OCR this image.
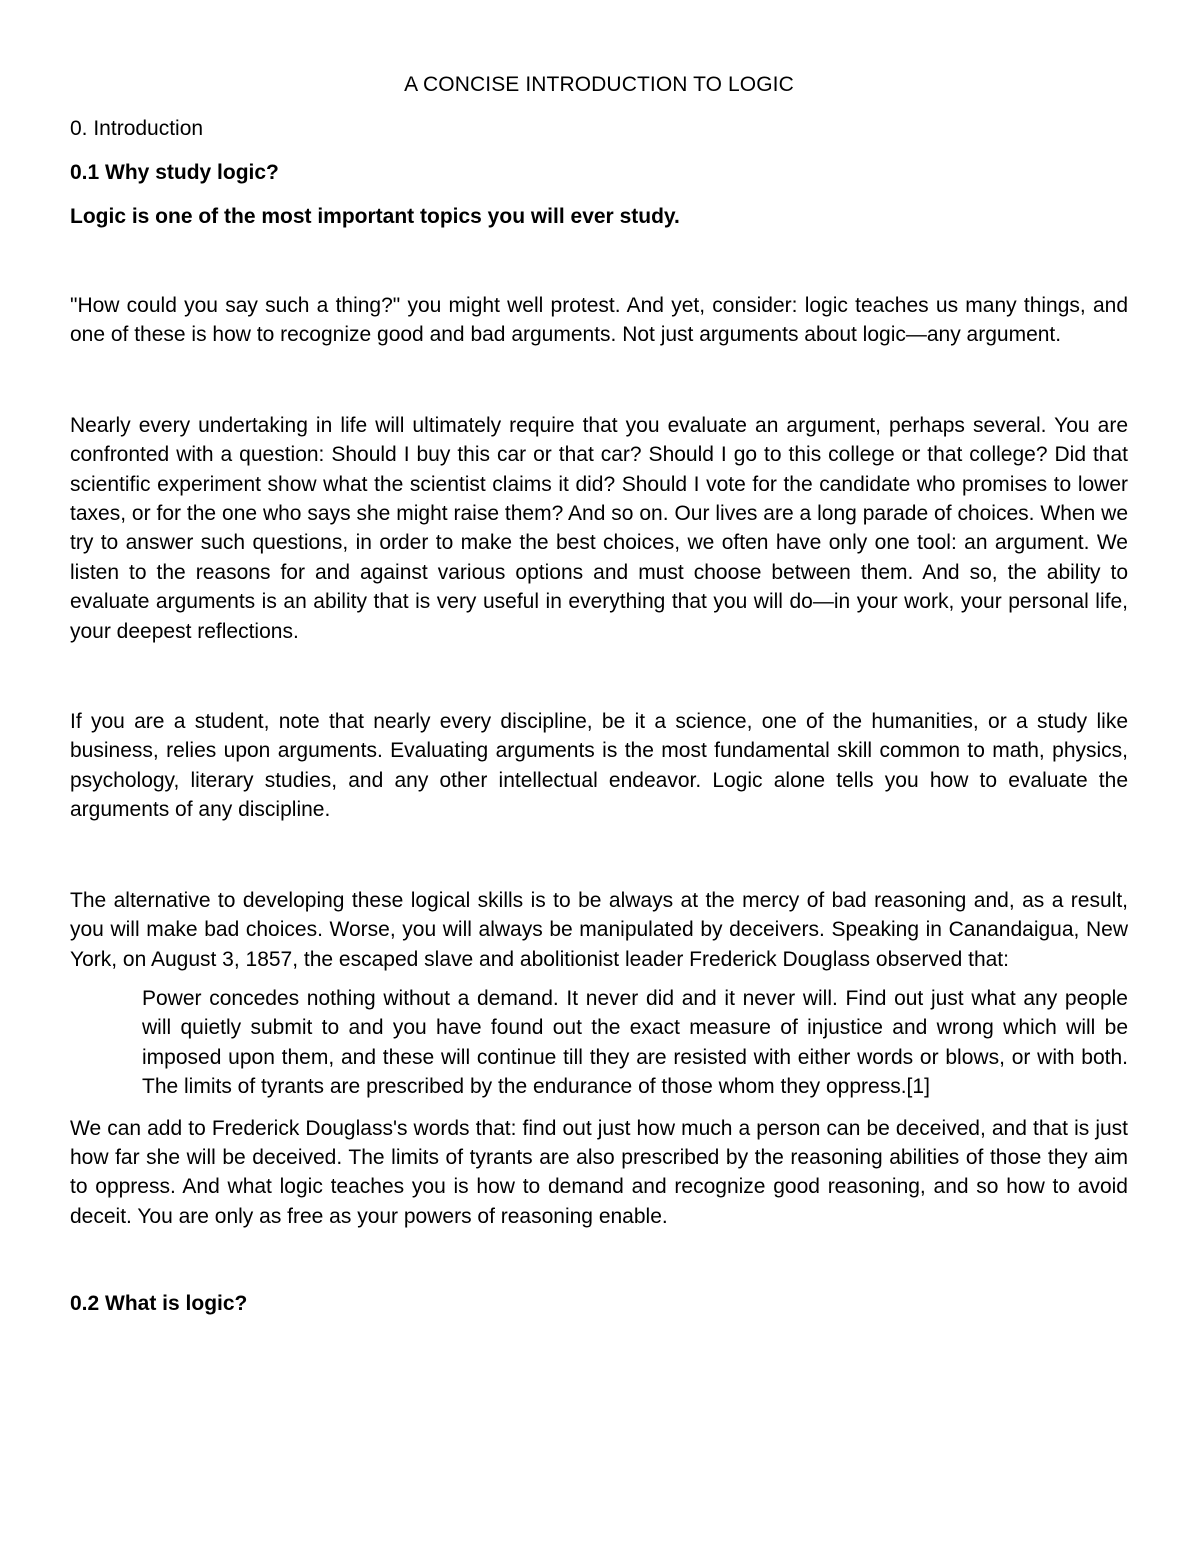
A CONCISE INTRODUCTION TO LOGIC
0. Introduction
0.1 Why study logic?
Logic is one of the most important topics you will ever study.

"How could you say such a thing?" you might well protest. And yet, consider: logic teaches us many things, and one of these is how to recognize good and bad arguments. Not just arguments about logic—any argument.

Nearly every undertaking in life will ultimately require that you evaluate an argument, perhaps several. You are confronted with a question: Should I buy this car or that car? Should I go to this college or that college? Did that scientific experiment show what the scientist claims it did? Should I vote for the candidate who promises to lower taxes, or for the one who says she might raise them? And so on. Our lives are a long parade of choices. When we try to answer such questions, in order to make the best choices, we often have only one tool: an argument. We listen to the reasons for and against various options and must choose between them. And so, the ability to evaluate arguments is an ability that is very useful in everything that you will do—in your work, your personal life, your deepest reflections.

If you are a student, note that nearly every discipline, be it a science, one of the humanities, or a study like business, relies upon arguments. Evaluating arguments is the most fundamental skill common to math, physics, psychology, literary studies, and any other intellectual endeavor. Logic alone tells you how to evaluate the arguments of any discipline.

The alternative to developing these logical skills is to be always at the mercy of bad reasoning and, as a result, you will make bad choices. Worse, you will always be manipulated by deceivers. Speaking in Canandaigua, New York, on August 3, 1857, the escaped slave and abolitionist leader Frederick Douglass observed that:

Power concedes nothing without a demand. It never did and it never will. Find out just what any people will quietly submit to and you have found out the exact measure of injustice and wrong which will be imposed upon them, and these will continue till they are resisted with either words or blows, or with both. The limits of tyrants are prescribed by the endurance of those whom they oppress.[1]

We can add to Frederick Douglass's words that: find out just how much a person can be deceived, and that is just how far she will be deceived. The limits of tyrants are also prescribed by the reasoning abilities of those they aim to oppress. And what logic teaches you is how to demand and recognize good reasoning, and so how to avoid deceit. You are only as free as your powers of reasoning enable.

0.2 What is logic?
